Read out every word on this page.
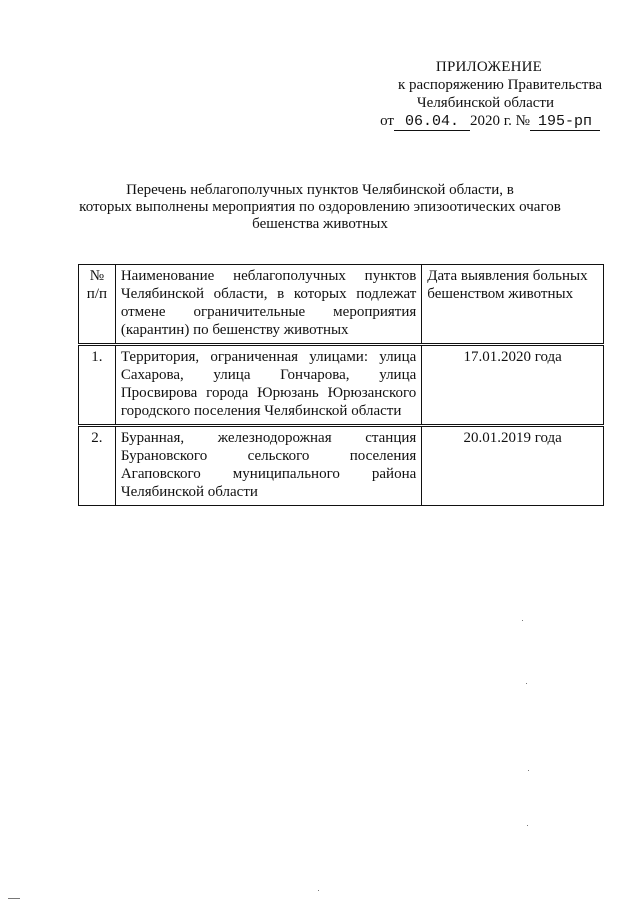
ПРИЛОЖЕНИЕ
к распоряжению Правительства
Челябинской области
от 06.04. 2020 г. № 195-рп
Перечень неблагополучных пунктов Челябинской области, в
которых выполнены мероприятия по оздоровлению эпизоотических очагов
бешенства животных
№ п/п	Наименование неблагополучных пунктов Челябинской области, в которых подлежат отмене ограничительные мероприятия (карантин) по бешенству животных	Дата выявления больных бешенством животных
1.	Территория, ограниченная улицами: улица Сахарова, улица Гончарова, улица Просвирова города Юрюзань Юрюзанского городского поселения Челябинской области	17.01.2020 года
2.	Буранная, железнодорожная станция Бурановского сельского поселения Агаповского муниципального района Челябинской области	20.01.2019 года
